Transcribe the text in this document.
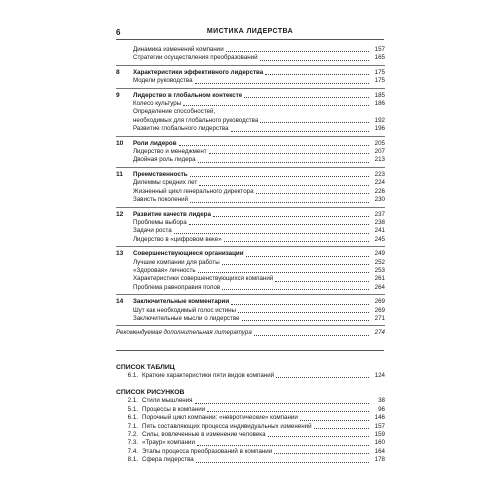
6	МИСТИКА ЛИДЕРСТВА
Динамика изменений компании	157
Стратегии осуществления преобразований	165
8	Характеристики эффективного лидерства	175
Модели руководства	175
9	Лидерство в глобальном контексте	185
Колесо культуры	186
Определение способностей,
необходимых для глобального руководства	192
Развитие глобального лидерства	196
10	Роли лидеров	205
Лидерство и менеджмент	207
Двойная роль лидера	213
11	Преемственность	223
Дилеммы средних лет	224
Жизненный цикл генерального директора	226
Зависть поколений	230
12	Развитие качеств лидера	237
Проблемы выбора	238
Задачи роста	241
Лидерство в «цифровом веке»	245
13	Совершенствующиеся организации	249
Лучшие компании для работы	252
«Здоровая» личность	253
Характеристики совершенствующихся компаний	261
Проблема равноправия полов	264
14	Заключительные комментарии	269
Шут как необходимый голос истины	269
Заключительные мысли о лидерстве	271
Рекомендуемая дополнительная литература	274
СПИСОК ТАБЛИЦ
6.1. Краткие характеристики пяти видов компаний	124
СПИСОК РИСУНКОВ
2.1. Стили мышления	38
5.1. Процессы в компании	96
6.1. Порочный цикл компании: «невротические» компании	146
7.1. Пять составляющих процесса индивидуальных изменений	157
7.2. Силы, вовлеченные в изменение человека	159
7.3. «Траур» компании	160
7.4. Этапы процесса преобразований в компании	164
8.1. Сфера лидерства	178
